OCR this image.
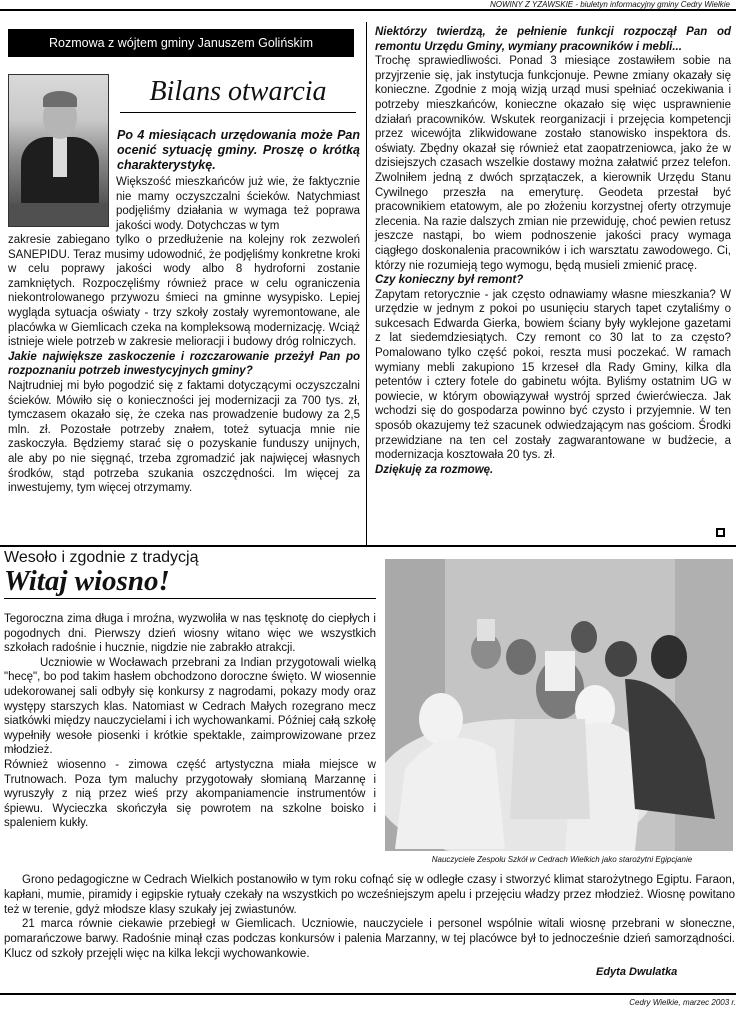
NOWINY Z YZAWSKIE - biuletyn informacyjny gminy Cedry Wielkie
Rozmowa z wójtem gminy Januszem Golińskim
Bilans otwarcia
Po 4 miesiącach urzędowania może Pan ocenić sytuację gminy. Proszę o krótką charakterystykę.
Większość mieszkańców już wie, że faktycznie nie mamy oczyszczalni ścieków. Natychmiast podjęliśmy działania w wymaga też poprawa jakości wody. Dotychczas w tym

zakresie zabiegano tylko o przedłużenie na kolejny rok zezwoleń SANEPIDU. Teraz musimy udowodnić, że podjęliśmy konkretne kroki w celu poprawy jakości wody albo 8 hydroforni zostanie zamkniętych. Rozpoczęliśmy również prace w celu ograniczenia niekontrolowanego przywozu śmieci na gminne wysypisko. Lepiej wygląda sytuacja oświaty - trzy szkoły zostały wyremontowane, ale placówka w Giemlicach czeka na kompleksową modernizację. Wciąż istnieje wiele potrzeb w zakresie melioracji i budowy dróg rolniczych.

Jakie największe zaskoczenie i rozczarowanie przeżył Pan po rozpoznaniu potrzeb inwestycyjnych gminy?

Najtrudniej mi było pogodzić się z faktami dotyczącymi oczyszczalni ścieków. Mówiło się o konieczności jej modernizacji za 700 tys. zł, tymczasem okazało się, że czeka nas prowadzenie budowy za 2,5 mln. zł. Pozostałe potrzeby znałem, toteż sytuacja mnie nie zaskoczyła. Będziemy starać się o pozyskanie funduszy unijnych, ale aby po nie sięgnąć, trzeba zgromadzić jak najwięcej własnych środków, stąd potrzeba szukania oszczędności. Im więcej za inwestujemy, tym więcej otrzymamy.

Niektórzy twierdzą, że pełnienie funkcji rozpoczął Pan od remontu Urzędu Gminy, wymiany pracowników i mebli...

Trochę sprawiedliwości. Ponad 3 miesiące zostawiłem sobie na przyjrzenie się, jak instytucja funkcjonuje. Pewne zmiany okazały się konieczne. Zgodnie z moją wizją urząd musi spełniać oczekiwania i potrzeby mieszkańców, konieczne okazało się więc usprawnienie działań pracowników. Wskutek reorganizacji i przejęcia kompetencji przez wicewójta zlikwidowane zostało stanowisko inspektora ds. oświaty. Zbędny okazał się również etat zaopatrzeniowca, jako że w dzisiejszych czasach wszelkie dostawy można załatwić przez telefon. Zwolniłem jedną z dwóch sprzątaczek, a kierownik Urzędu Stanu Cywilnego przeszła na emeryturę. Geodeta przestał być pracownikiem etatowym, ale po złożeniu korzystnej oferty otrzymuje zlecenia. Na razie dalszych zmian nie przewiduję, choć pewien retusz jeszcze nastąpi, bo wiem podnoszenie jakości pracy wymaga ciągłego doskonalenia pracowników i ich warsztatu zawodowego. Ci, którzy nie rozumieją tego wymogu, będą musieli zmienić pracę.

Czy konieczny był remont?

Zapytam retorycznie - jak często odnawiamy własne mieszkania? W urzędzie w jednym z pokoi po usunięciu starych tapet czytaliśmy o sukcesach Edwarda Gierka, bowiem ściany były wyklejone gazetami z lat siedemdziesiątych. Czy remont co 30 lat to za często? Pomalowano tylko część pokoi, reszta musi poczekać. W ramach wymiany mebli zakupiono 15 krzeseł dla Rady Gminy, kilka dla petentów i cztery fotele do gabinetu wójta. Byliśmy ostatnim UG w powiecie, w którym obowiązywał wystrój sprzed ćwierćwiecza. Jak wchodzi się do gospodarza powinno być czysto i przyjemnie. W ten sposób okazujemy też szacunek odwiedzającym nas gościom. Środki przewidziane na ten cel zostały zagwarantowane w budżecie, a modernizacja kosztowała 20 tys. zł.

Dziękuję za rozmowę.

Wesoło i zgodnie z tradycją
Witaj wiosno!

Tegoroczna zima długa i mroźna, wyzwoliła w nas tęsknotę do ciepłych i pogodnych dni. Pierwszy dzień wiosny witano więc we wszystkich szkołach radośnie i hucznie, nigdzie nie zabrakło atrakcji.

Uczniowie w Wocławach przebrani za Indian przygotowali wielką "hecę", bo pod takim hasłem obchodzono doroczne święto. W wiosennie udekorowanej sali odbyły się konkursy z nagrodami, pokazy mody oraz występy starszych klas. Natomiast w Cedrach Małych rozegrano mecz siatkówki między nauczycielami i ich wychowankami. Później całą szkołę wypełniły wesołe piosenki i krótkie spektakle, zaimprowizowane przez młodzież.

Również wiosenno - zimowa część artystyczna miała miejsce w Trutnowach. Poza tym maluchy przygotowały słomianą Marzannę i wyruszyły z nią przez wieś przy akompaniamencie instrumentów i śpiewu. Wycieczka skończyła się powrotem na szkolne boisko i spaleniem kukły.

Nauczyciele Zespołu Szkół w Cedrach Wielkich jako starożytni Egipcjanie

Grono pedagogiczne w Cedrach Wielkich postanowiło w tym roku cofnąć się w odległe czasy i stworzyć klimat starożytnego Egiptu. Faraon, kapłani, mumie, piramidy i egipskie rytuały czekały na wszystkich po wcześniejszym apelu i przejęciu władzy przez młodzież. Wiosnę powitano też w terenie, gdyż młodsze klasy szukały jej zwiastunów.

21 marca równie ciekawie przebiegł w Giemlicach. Uczniowie, nauczyciele i personel wspólnie witali wiosnę przebrani w słoneczne, pomarańczowe barwy. Radośnie minął czas podczas konkursów i palenia Marzanny, w tej placówce był to jednocześnie dzień samorządności. Klucz od szkoły przejęli więc na kilka lekcji wychowankowie.

Edyta Dwulatka
Cedry Wielkie, marzec 2003 r.
